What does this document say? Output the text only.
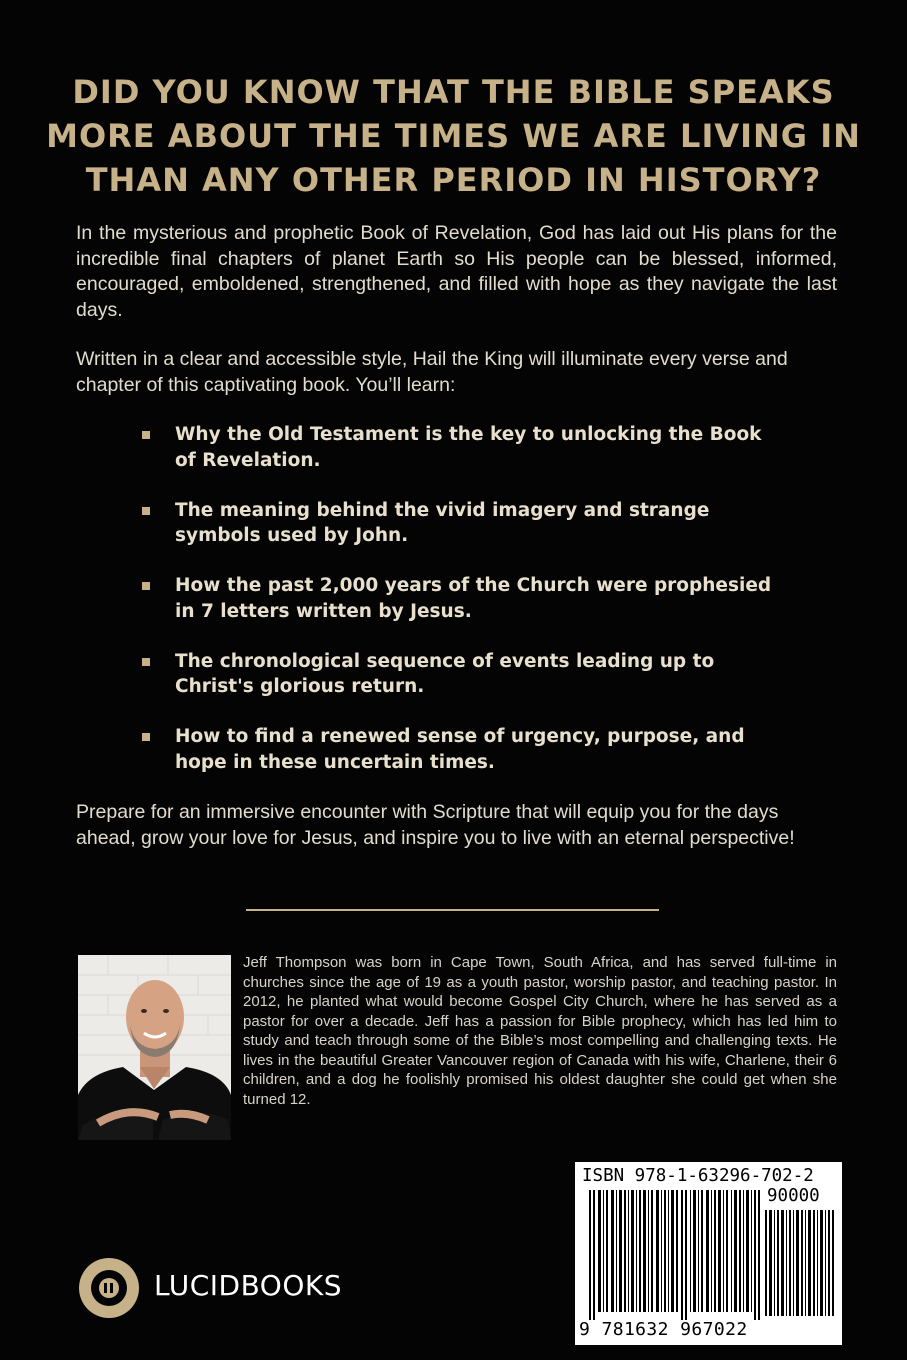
DID YOU KNOW THAT THE BIBLE SPEAKS
MORE ABOUT THE TIMES WE ARE LIVING IN
THAN ANY OTHER PERIOD IN HISTORY?

In the mysterious and prophetic Book of Revelation, God has laid out His plans for the incredible final chapters of planet Earth so His people can be blessed, informed, encouraged, emboldened, strengthened, and filled with hope as they navigate the last days.

Written in a clear and accessible style, Hail the King will illuminate every verse and chapter of this captivating book. You’ll learn:

Why the Old Testament is the key to unlocking the Book of Revelation.
The meaning behind the vivid imagery and strange symbols used by John.
How the past 2,000 years of the Church were prophesied in 7 letters written by Jesus.
The chronological sequence of events leading up to Christ's glorious return.
How to find a renewed sense of urgency, purpose, and hope in these uncertain times.

Prepare for an immersive encounter with Scripture that will equip you for the days ahead, grow your love for Jesus, and inspire you to live with an eternal perspective!

Jeff Thompson was born in Cape Town, South Africa, and has served full-time in churches since the age of 19 as a youth pastor, worship pastor, and teaching pastor. In 2012, he planted what would become Gospel City Church, where he has served as a pastor for over a decade. Jeff has a passion for Bible prophecy, which has led him to study and teach through some of the Bible’s most compelling and challenging texts. He lives in the beautiful Greater Vancouver region of Canada with his wife, Charlene, their 6 children, and a dog he foolishly promised his oldest daughter she could get when she turned 12.

ISBN 978-1-63296-702-2
90000
9 781632 967022
LUCIDBOOKS
